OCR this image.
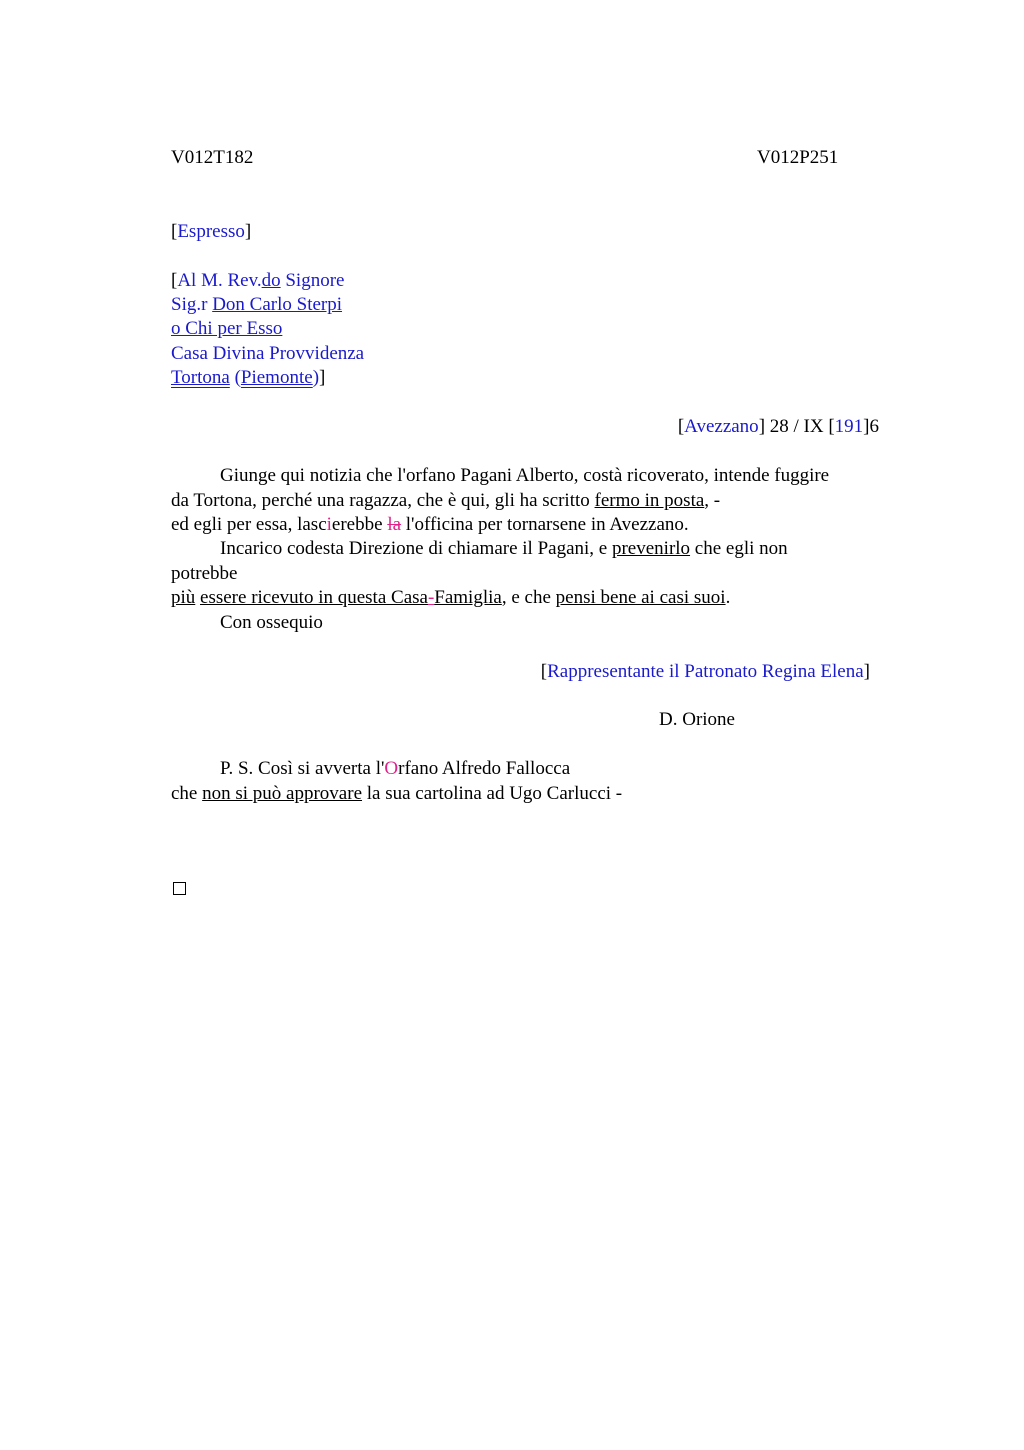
V012T182	V012P251
[Espresso]
[Al M. Rev.do Signore
Sig.r Don Carlo Sterpi
o Chi per Esso
Casa Divina Provvidenza
Tortona (Piemonte)]
[Avezzano] 28 / IX [191]6
Giunge qui notizia che l'orfano Pagani Alberto, costà ricoverato, intende fuggire
da Tortona, perché una ragazza, che è qui, gli ha scritto fermo in posta, -
ed egli per essa, lascierebbe la l'officina per tornarsene in Avezzano.
Incarico codesta Direzione di chiamare il Pagani, e prevenirlo che egli non
potrebbe
più essere ricevuto in questa Casa-Famiglia, e che pensi bene ai casi suoi.
Con ossequio
[Rappresentante il Patronato Regina Elena]
D. Orione
P. S. Così si avverta l'Orfano Alfredo Fallocca
che non si può approvare la sua cartolina ad Ugo Carlucci -
